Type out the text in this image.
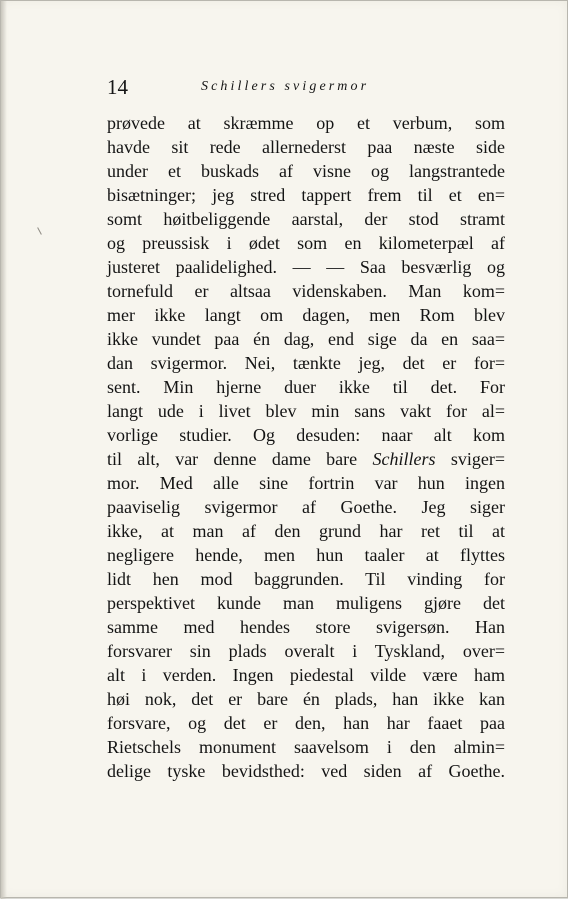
14	Schillers svigermor
prøvede at skræmme op et verbum, som
havde sit rede allernederst paa næste side
under et buskads af visne og langstrantede
bisætninger; jeg stred tappert frem til et en=
somt høitbeliggende aarstal, der stod stramt
og preussisk i ødet som en kilometerpæl af
justeret paalidelighed. — — Saa besværlig og
tornefuld er altsaa videnskaben. Man kom=
mer ikke langt om dagen, men Rom blev
ikke vundet paa én dag, end sige da en saa=
dan svigermor. Nei, tænkte jeg, det er for=
sent. Min hjerne duer ikke til det. For
langt ude i livet blev min sans vakt for al=
vorlige studier. Og desuden: naar alt kom
til alt, var denne dame bare Schillers sviger=
mor. Med alle sine fortrin var hun ingen
paaviselig svigermor af Goethe. Jeg siger
ikke, at man af den grund har ret til at
negligere hende, men hun taaler at flyttes
lidt hen mod baggrunden. Til vinding for
perspektivet kunde man muligens gjøre det
samme med hendes store svigersøn. Han
forsvarer sin plads overalt i Tyskland, over=
alt i verden. Ingen piedestal vilde være ham
høi nok, det er bare én plads, han ikke kan
forsvare, og det er den, han har faaet paa
Rietschels monument saavelsom i den almin=
delige tyske bevidsthed: ved siden af Goethe.
